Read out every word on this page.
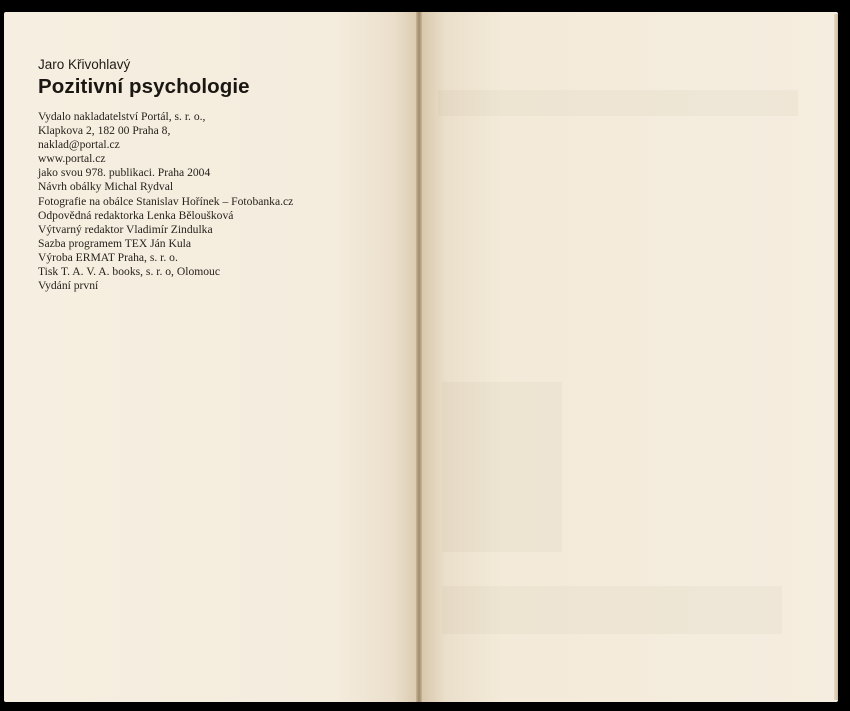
Jaro Křivohlavý

Pozitivní psychologie
Vydalo nakladatelství Portál, s. r. o.,
Klapkova 2, 182 00 Praha 8,
naklad@portal.cz
www.portal.cz
jako svou 978. publikaci. Praha 2004
Návrh obálky Michal Rydval
Fotografie na obálce Stanislav Hořínek – Fotobanka.cz
Odpovědná redaktorka Lenka Běloušková
Výtvarný redaktor Vladimír Zindulka
Sazba programem TEX Ján Kula
Výroba ERMAT Praha, s. r. o.
Tisk T. A. V. A. books, s. r. o, Olomouc
Vydání první
